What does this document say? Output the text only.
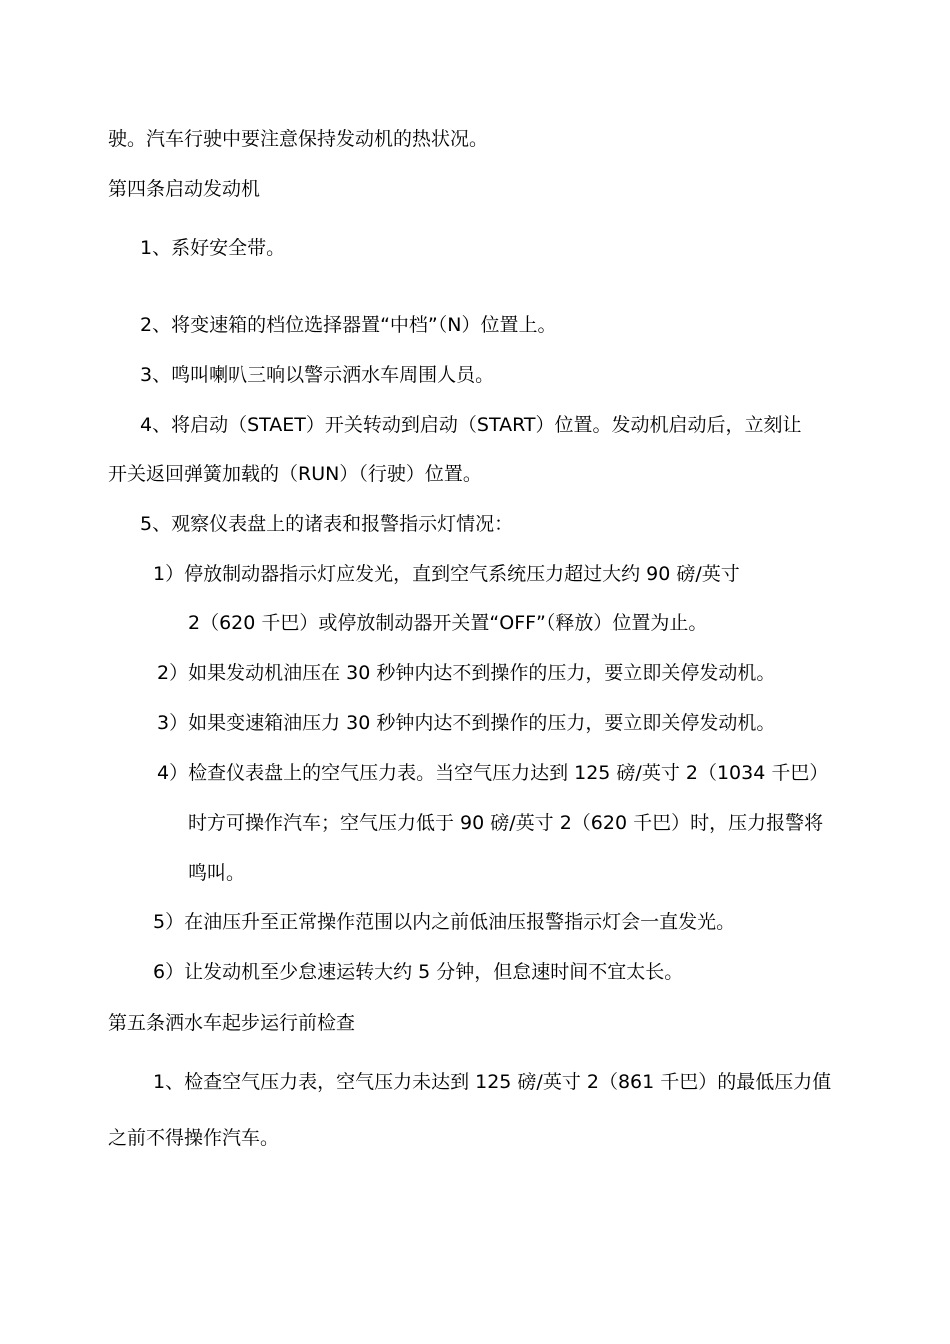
驶。汽车行驶中要注意保持发动机的热状况。
第四条启动发动机
1、系好安全带。
2、将变速箱的档位选择器置“中档”（N）位置上。
3、鸣叫喇叭三响以警示洒水车周围人员。
4、将启动（STAET）开关转动到启动（START）位置。发动机启动后，立刻让
开关返回弹簧加载的（RUN）（行驶）位置。
5、观察仪表盘上的诸表和报警指示灯情况：
1）停放制动器指示灯应发光，直到空气系统压力超过大约 90 磅/英寸
2（620 千巴）或停放制动器开关置“OFF”（释放）位置为止。
2）如果发动机油压在 30 秒钟内达不到操作的压力，要立即关停发动机。
3）如果变速箱油压力 30 秒钟内达不到操作的压力，要立即关停发动机。
4）检查仪表盘上的空气压力表。当空气压力达到 125 磅/英寸 2（1034 千巴）
时方可操作汽车；空气压力低于 90 磅/英寸 2（620 千巴）时，压力报警将
鸣叫。
5）在油压升至正常操作范围以内之前低油压报警指示灯会一直发光。
6）让发动机至少怠速运转大约 5 分钟，但怠速时间不宜太长。
第五条洒水车起步运行前检查
1、检查空气压力表，空气压力未达到 125 磅/英寸 2（861 千巴）的最低压力值
之前不得操作汽车。
